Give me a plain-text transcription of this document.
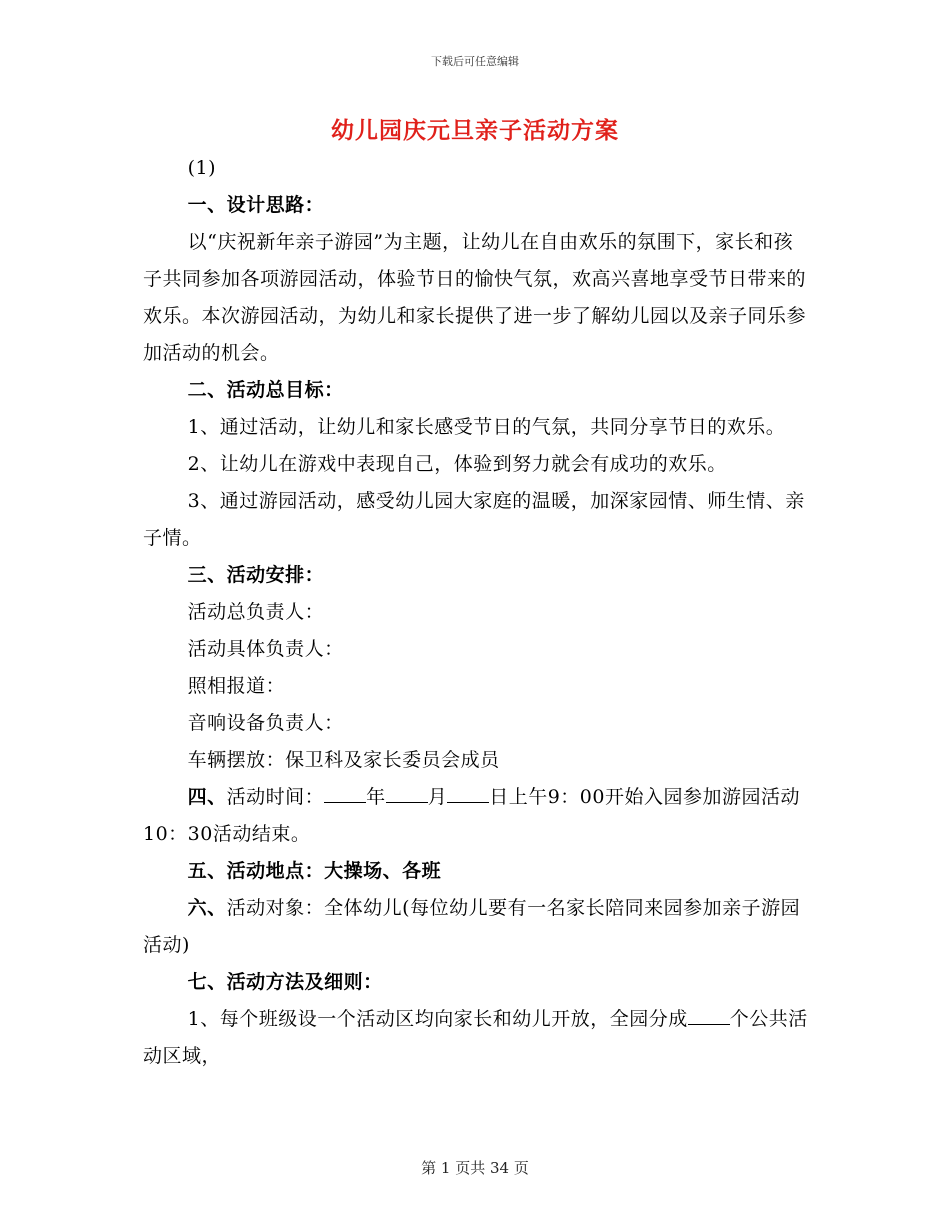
下载后可任意编辑
幼儿园庆元旦亲子活动方案

(1)

一、设计思路：

以“庆祝新年亲子游园”为主题，让幼儿在自由欢乐的氛围下，家长和孩子共同参加各项游园活动，体验节日的愉快气氛，欢高兴喜地享受节日带来的欢乐。本次游园活动，为幼儿和家长提供了进一步了解幼儿园以及亲子同乐参加活动的机会。

二、活动总目标：

1、通过活动，让幼儿和家长感受节日的气氛，共同分享节日的欢乐。

2、让幼儿在游戏中表现自己，体验到努力就会有成功的欢乐。

3、通过游园活动，感受幼儿园大家庭的温暖，加深家园情、师生情、亲子情。

三、活动安排：

活动总负责人：

活动具体负责人：

照相报道：

音响设备负责人：

车辆摆放：保卫科及家长委员会成员

四、活动时间： 年 月 日上午9：00开始入园参加游园活动10：30活动结束。

五、活动地点：大操场、各班

六、活动对象：全体幼儿(每位幼儿要有一名家长陪同来园参加亲子游园活动)

七、活动方法及细则：

1、每个班级设一个活动区均向家长和幼儿开放，全园分成 个公共活动区域，

第 1 页共 34 页
